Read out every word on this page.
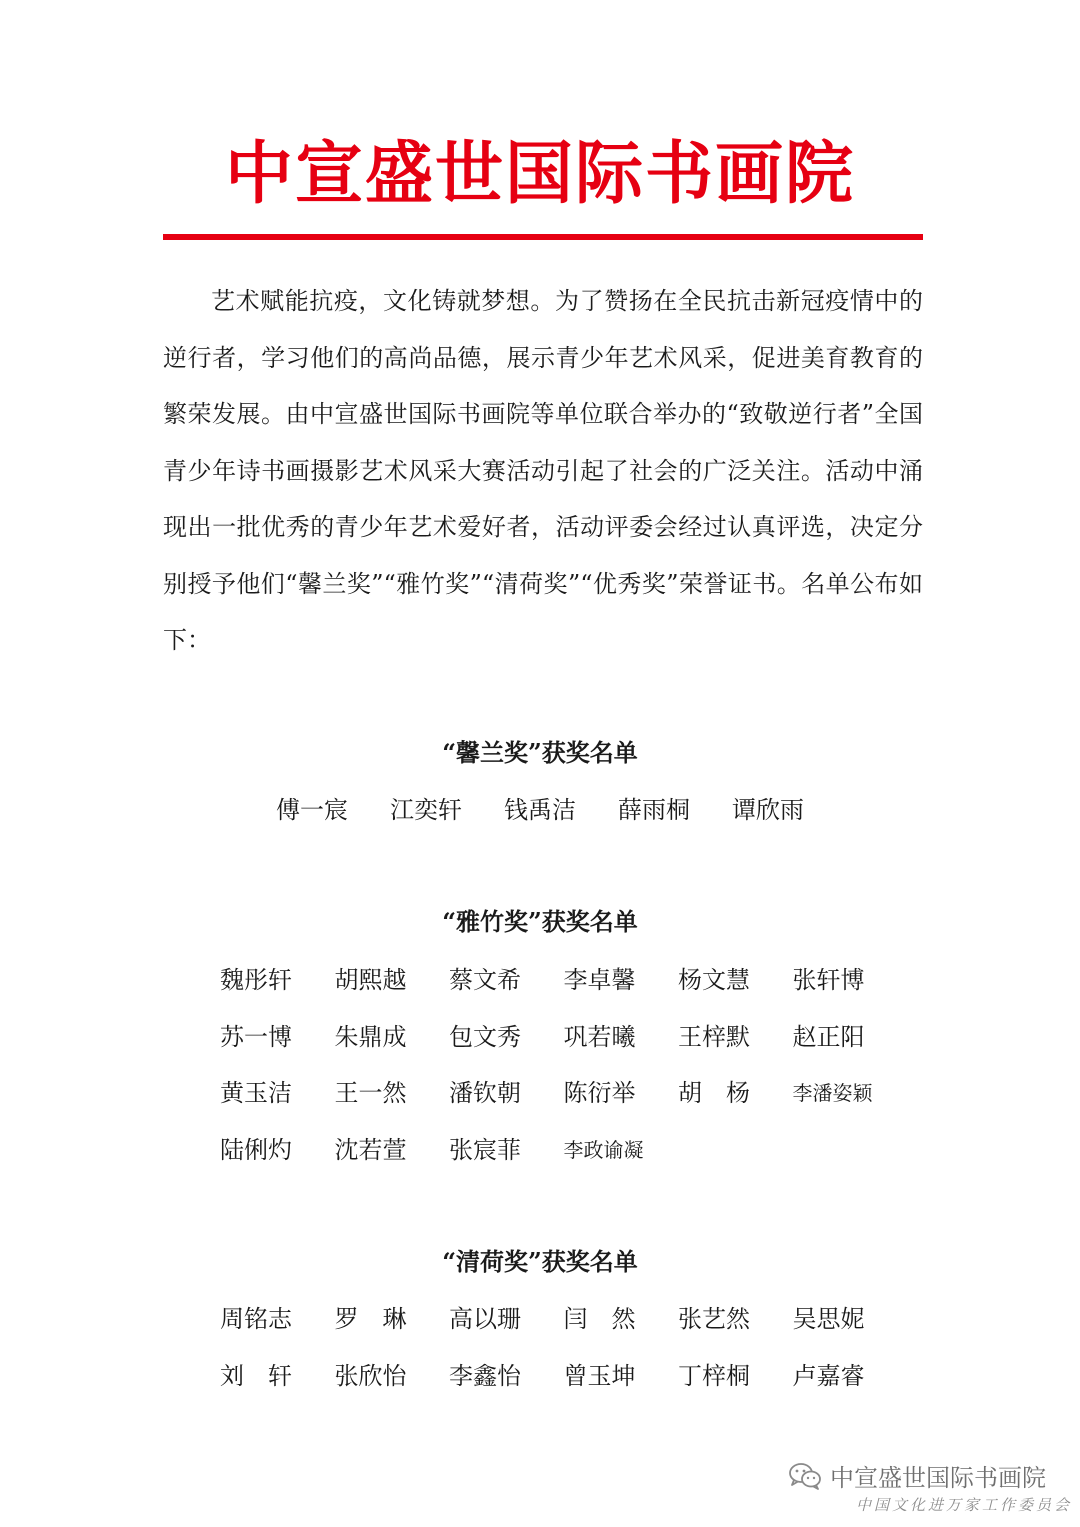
中宣盛世国际书画院

艺术赋能抗疫，文化铸就梦想。为了赞扬在全民抗击新冠疫情中的逆行者，学习他们的高尚品德，展示青少年艺术风采，促进美育教育的繁荣发展。由中宣盛世国际书画院等单位联合举办的“致敬逆行者”全国青少年诗书画摄影艺术风采大赛活动引起了社会的广泛关注。活动中涌现出一批优秀的青少年艺术爱好者，活动评委会经过认真评选，决定分别授予他们“馨兰奖”“雅竹奖”“清荷奖”“优秀奖”荣誉证书。名单公布如下：

“馨兰奖”获奖名单
傅一宸	江奕轩	钱禹洁	薛雨桐	谭欣雨
“雅竹奖”获奖名单
魏彤轩	胡熙越	蔡文希	李卓馨	杨文慧	张轩博
苏一博	朱鼎成	包文秀	巩若曦	王梓默	赵正阳
黄玉洁	王一然	潘钦朝	陈衍举	胡　杨	李潘姿颖
陆俐灼	沈若萱	张宸菲	李政谕凝
“清荷奖”获奖名单
周铭志	罗　琳	高以珊	闫　然	张艺然	吴思妮
刘　轩	张欣怡	李鑫怡	曾玉坤	丁梓桐	卢嘉睿
中宣盛世国际书画院
中国文化进万家工作委员会
